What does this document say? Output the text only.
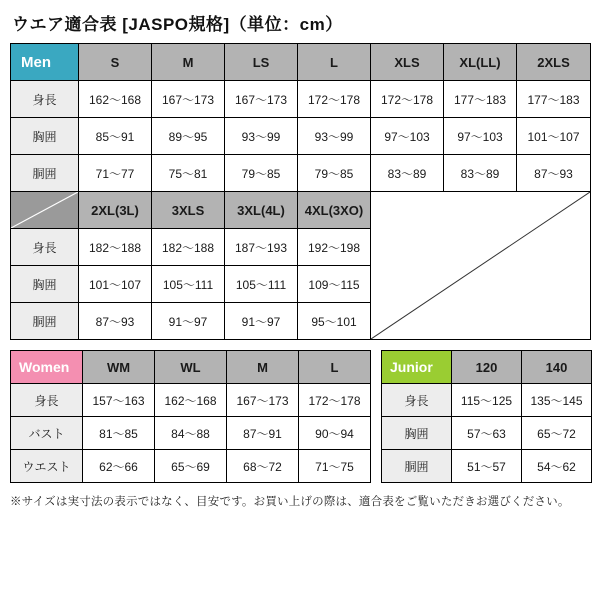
ウエア適合表 [JASPO規格]（単位：cm）
Men	S	M	LS	L	XLS	XL(LL)	2XLS
身長	162〜168	167〜173	167〜173	172〜178	172〜178	177〜183	177〜183
胸囲	85〜91	89〜95	93〜99	93〜99	97〜103	97〜103	101〜107
胴囲	71〜77	75〜81	79〜85	79〜85	83〜89	83〜89	87〜93

	2XL(3L)	3XLS	3XL(4L)	4XL(3XO)	

身長	182〜188	182〜188	187〜193	192〜198			
胸囲	101〜107	105〜111	105〜111	109〜115			
胴囲	87〜93	91〜97	91〜97	95〜101			
Women	WM	WL	M	L
身長	157〜163	162〜168	167〜173	172〜178
バスト	81〜85	84〜88	87〜91	90〜94
ウエスト	62〜66	65〜69	68〜72	71〜75
Junior	120	140
身長	115〜125	135〜145
胸囲	57〜63	65〜72
胴囲	51〜57	54〜62
※サイズは実寸法の表示ではなく、目安です。お買い上げの際は、適合表をご覧いただきお選びください。
